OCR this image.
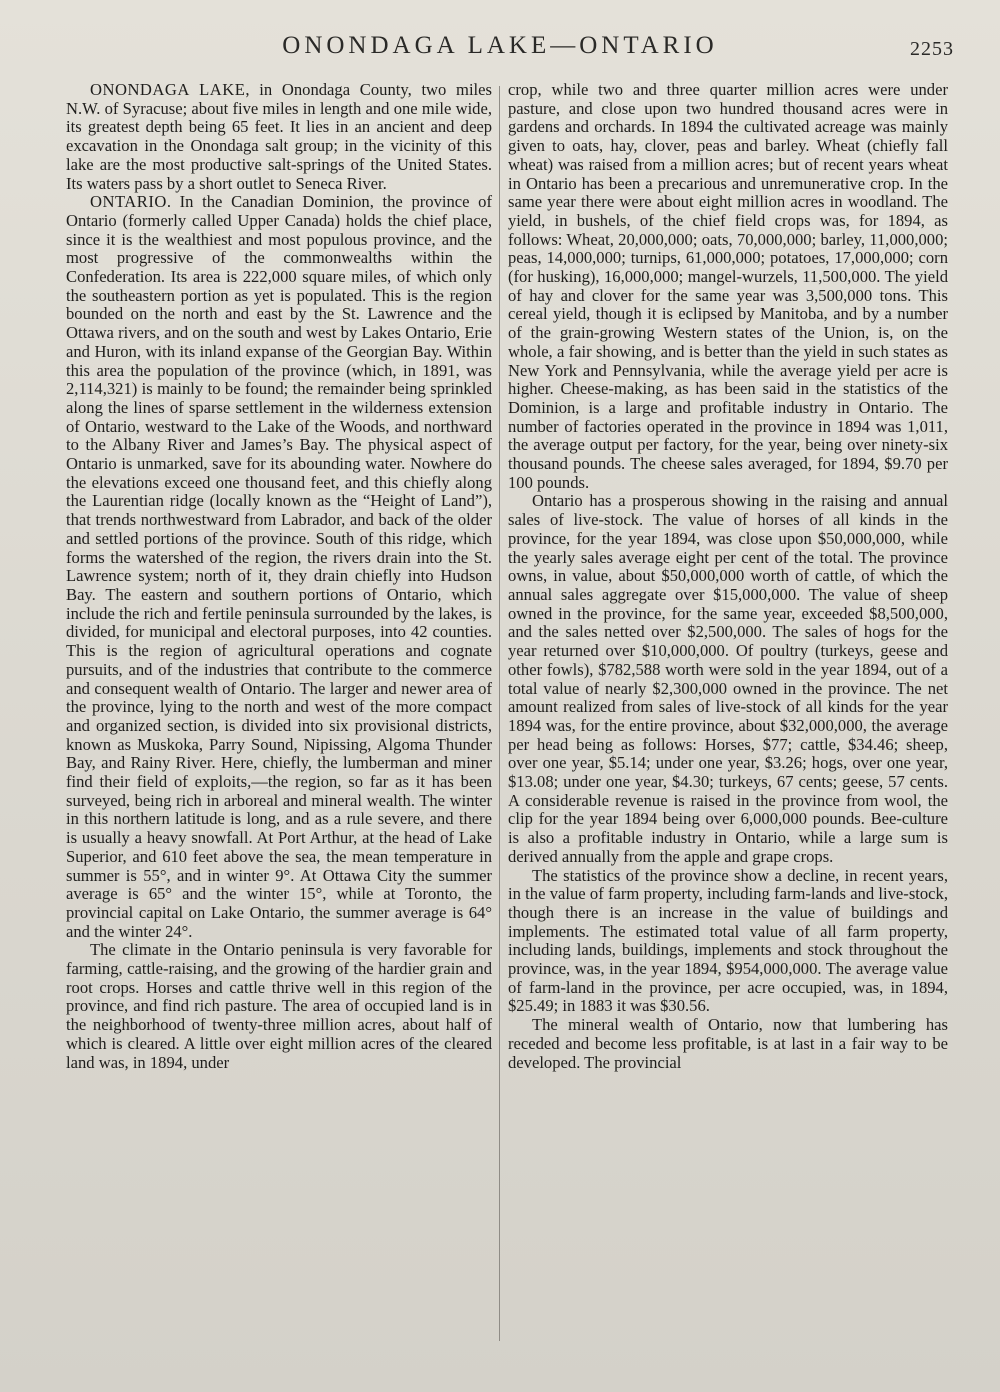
ONONDAGA LAKE—ONTARIO	2253

ONONDAGA LAKE, in Onondaga County, two miles N.W. of Syracuse; about five miles in length and one mile wide, its greatest depth being 65 feet. It lies in an ancient and deep excavation in the Onondaga salt group; in the vicinity of this lake are the most productive salt-springs of the United States. Its waters pass by a short outlet to Seneca River.

ONTARIO. In the Canadian Dominion, the province of Ontario (formerly called Upper Canada) holds the chief place, since it is the wealthiest and most populous province, and the most progressive of the commonwealths within the Confederation. Its area is 222,000 square miles, of which only the southeastern portion as yet is populated. This is the region bounded on the north and east by the St. Lawrence and the Ottawa rivers, and on the south and west by Lakes Ontario, Erie and Huron, with its inland expanse of the Georgian Bay. Within this area the population of the province (which, in 1891, was 2,114,321) is mainly to be found; the remainder being sprinkled along the lines of sparse settlement in the wilderness extension of Ontario, westward to the Lake of the Woods, and northward to the Albany River and James’s Bay. The physical aspect of Ontario is unmarked, save for its abounding water. Nowhere do the elevations exceed one thousand feet, and this chiefly along the Laurentian ridge (locally known as the “Height of Land”), that trends northwestward from Labrador, and back of the older and settled portions of the province. South of this ridge, which forms the watershed of the region, the rivers drain into the St. Lawrence system; north of it, they drain chiefly into Hudson Bay. The eastern and southern portions of Ontario, which include the rich and fertile peninsula surrounded by the lakes, is divided, for municipal and electoral purposes, into 42 counties. This is the region of agricultural operations and cognate pursuits, and of the industries that contribute to the commerce and consequent wealth of Ontario. The larger and newer area of the province, lying to the north and west of the more compact and organized section, is divided into six provisional districts, known as Muskoka, Parry Sound, Nipissing, Algoma Thunder Bay, and Rainy River. Here, chiefly, the lumberman and miner find their field of exploits,—the region, so far as it has been surveyed, being rich in arboreal and mineral wealth. The winter in this northern latitude is long, and as a rule severe, and there is usually a heavy snowfall. At Port Arthur, at the head of Lake Superior, and 610 feet above the sea, the mean temperature in summer is 55°, and in winter 9°. At Ottawa City the summer average is 65° and the winter 15°, while at Toronto, the provincial capital on Lake Ontario, the summer average is 64° and the winter 24°.

The climate in the Ontario peninsula is very favorable for farming, cattle-raising, and the growing of the hardier grain and root crops. Horses and cattle thrive well in this region of the province, and find rich pasture. The area of occupied land is in the neighborhood of twenty-three million acres, about half of which is cleared. A little over eight million acres of the cleared land was, in 1894, under

crop, while two and three quarter million acres were under pasture, and close upon two hundred thousand acres were in gardens and orchards. In 1894 the cultivated acreage was mainly given to oats, hay, clover, peas and barley. Wheat (chiefly fall wheat) was raised from a million acres; but of recent years wheat in Ontario has been a precarious and unremunerative crop. In the same year there were about eight million acres in woodland. The yield, in bushels, of the chief field crops was, for 1894, as follows: Wheat, 20,000,000; oats, 70,000,000; barley, 11,000,000; peas, 14,000,000; turnips, 61,000,000; potatoes, 17,000,000; corn (for husking), 16,000,000; mangel-wurzels, 11,500,000. The yield of hay and clover for the same year was 3,500,000 tons. This cereal yield, though it is eclipsed by Manitoba, and by a number of the grain-growing Western states of the Union, is, on the whole, a fair showing, and is better than the yield in such states as New York and Pennsylvania, while the average yield per acre is higher. Cheese-making, as has been said in the statistics of the Dominion, is a large and profitable industry in Ontario. The number of factories operated in the province in 1894 was 1,011, the average output per factory, for the year, being over ninety-six thousand pounds. The cheese sales averaged, for 1894, $9.70 per 100 pounds.

Ontario has a prosperous showing in the raising and annual sales of live-stock. The value of horses of all kinds in the province, for the year 1894, was close upon $50,000,000, while the yearly sales average eight per cent of the total. The province owns, in value, about $50,000,000 worth of cattle, of which the annual sales aggregate over $15,000,000. The value of sheep owned in the province, for the same year, exceeded $8,500,000, and the sales netted over $2,500,000. The sales of hogs for the year returned over $10,000,000. Of poultry (turkeys, geese and other fowls), $782,588 worth were sold in the year 1894, out of a total value of nearly $2,300,000 owned in the province. The net amount realized from sales of live-stock of all kinds for the year 1894 was, for the entire province, about $32,000,000, the average per head being as follows: Horses, $77; cattle, $34.46; sheep, over one year, $5.14; under one year, $3.26; hogs, over one year, $13.08; under one year, $4.30; turkeys, 67 cents; geese, 57 cents. A considerable revenue is raised in the province from wool, the clip for the year 1894 being over 6,000,000 pounds. Bee-culture is also a profitable industry in Ontario, while a large sum is derived annually from the apple and grape crops.

The statistics of the province show a decline, in recent years, in the value of farm property, including farm-lands and live-stock, though there is an increase in the value of buildings and implements. The estimated total value of all farm property, including lands, buildings, implements and stock throughout the province, was, in the year 1894, $954,000,000. The average value of farm-land in the province, per acre occupied, was, in 1894, $25.49; in 1883 it was $30.56.

The mineral wealth of Ontario, now that lumbering has receded and become less profitable, is at last in a fair way to be developed. The provincial
